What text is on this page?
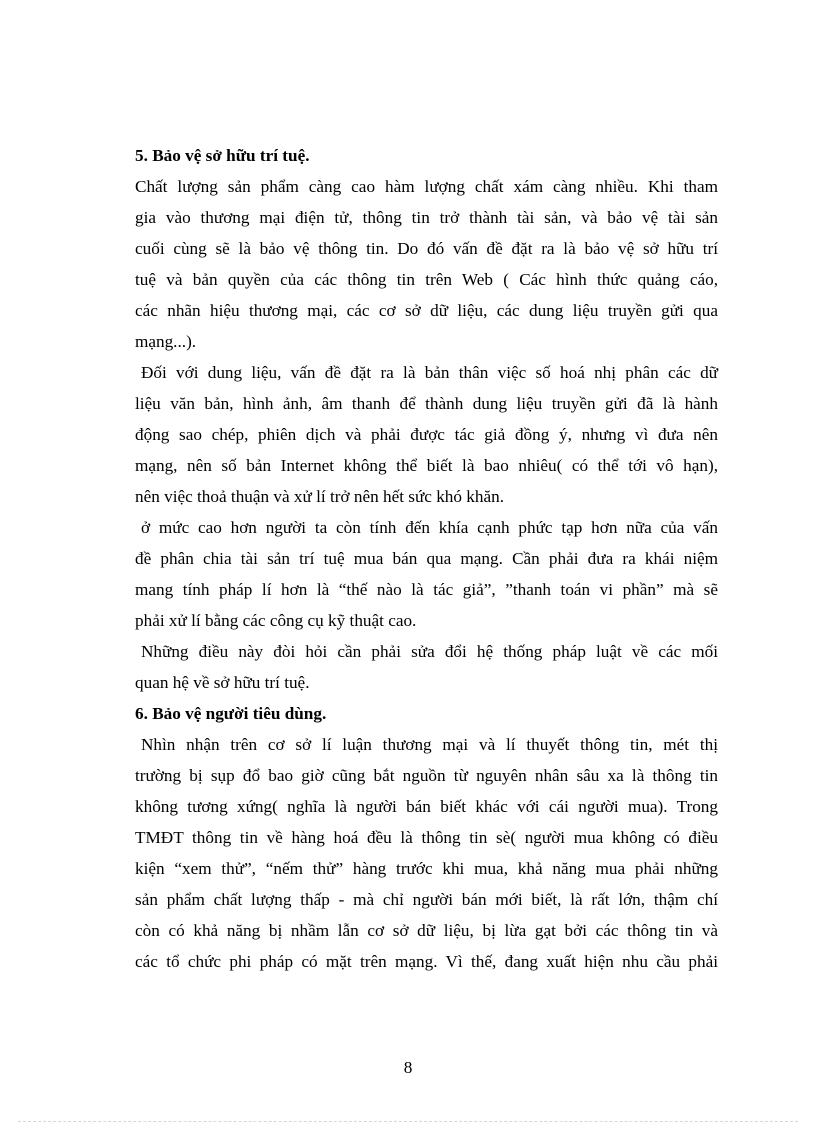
5. Bảo vệ sở hữu trí tuệ.
Chất lượng sản phẩm càng cao hàm lượng chất xám càng nhiều. Khi tham
gia vào thương mại điện tử, thông tin trở thành tài sản, và bảo vệ tài sản
cuối cùng sẽ là bảo vệ thông tin. Do đó vấn đề đặt ra là bảo vệ sở hữu trí
tuệ và bản quyền của các thông tin trên Web ( Các hình thức quảng cáo,
các nhãn hiệu thương mại, các cơ sở dữ liệu, các dung liệu truyền gửi qua
mạng...).
Đối với dung liệu, vấn đề đặt ra là bản thân việc số hoá nhị phân các dữ
liệu văn bản, hình ảnh, âm thanh để thành dung liệu truyền gửi đã là hành
động sao chép, phiên dịch và phải được tác giả đồng ý, nhưng vì đưa nên
mạng, nên số bản Internet không thể biết là bao nhiêu( có thể tới vô hạn),
nên việc thoả thuận và xử lí trở nên hết sức khó khăn.
ở mức cao hơn người ta còn tính đến khía cạnh phức tạp hơn nữa của vấn
đề phân chia tài sản trí tuệ mua bán qua mạng. Cần phải đưa ra khái niệm
mang tính pháp lí hơn là “thế nào là tác giả”, ”thanh toán vi phần” mà sẽ
phải xử lí bằng các công cụ kỹ thuật cao.
Những điều này đòi hỏi cần phải sửa đổi hệ thống pháp luật về các mối
quan hệ về sở hữu trí tuệ.
6. Bảo vệ người tiêu dùng.
Nhìn nhận trên cơ sở lí luận thương mại và lí thuyết thông tin, mét thị
trường bị sụp đổ bao giờ cũng bắt nguồn từ nguyên nhân sâu xa là thông tin
không tương xứng( nghĩa là người bán biết khác với cái người mua). Trong
TMĐT thông tin về hàng hoá đều là thông tin sè( người mua không có điều
kiện “xem thử”, “nếm thử” hàng trước khi mua, khả năng mua phải những
sản phẩm chất lượng thấp - mà chỉ người bán mới biết, là rất lớn, thậm chí
còn có khả năng bị nhầm lẫn cơ sở dữ liệu, bị lừa gạt bởi các thông tin và
các tổ chức phi pháp có mặt trên mạng. Vì thế, đang xuất hiện nhu cầu phải
8
